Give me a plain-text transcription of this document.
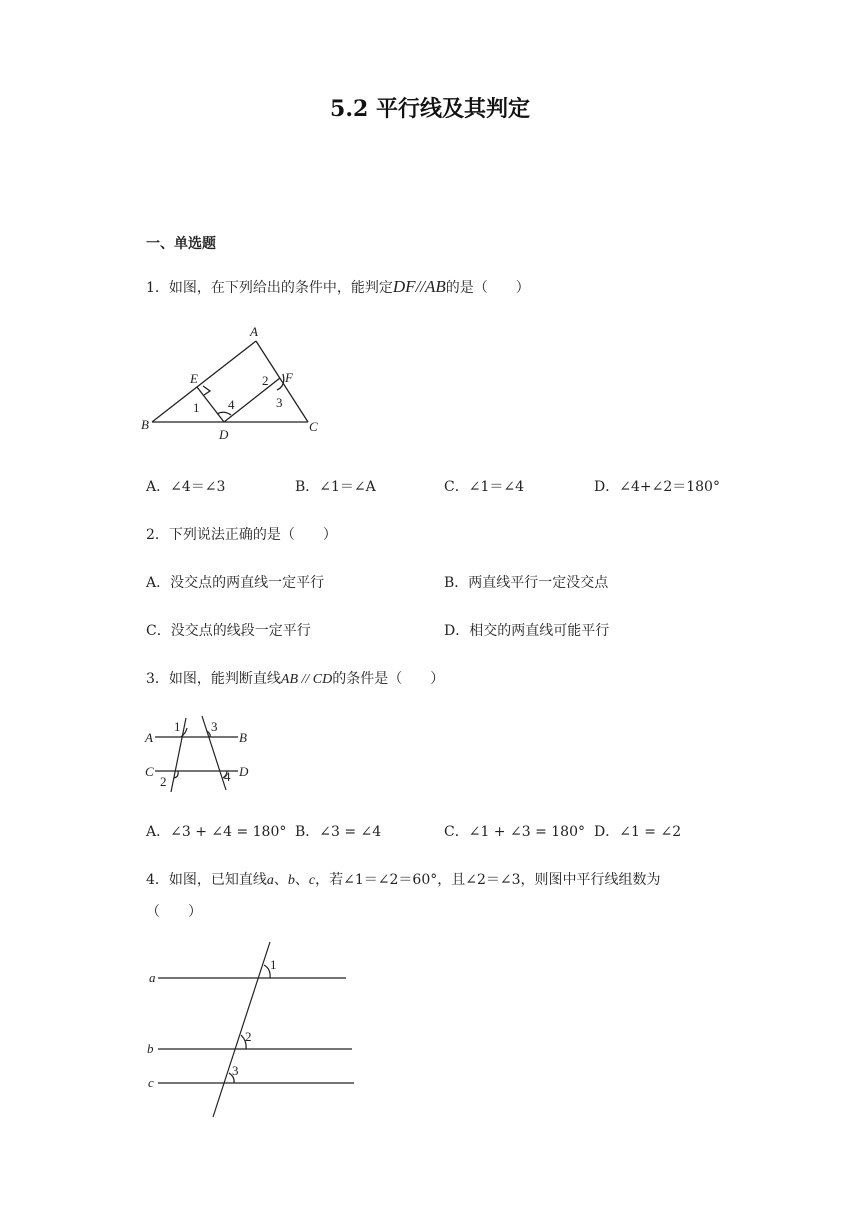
5.2 平行线及其判定
一、单选题
1．如图，在下列给出的条件中，能判定DF//AB的是（　　）
A
B	C
D
E	F
1
2
3
4
A．∠4＝∠3	B．∠1＝∠A	C．∠1＝∠4	D．∠4+∠2＝180°
2．下列说法正确的是（　　）
A．没交点的两直线一定平行	B．两直线平行一定没交点
C．没交点的线段一定平行	D．相交的两直线可能平行
3．如图，能判断直线AB // CD的条件是（　　）
A	B
C	D
1
2
3
4
A．∠3 + ∠4 = 180° B．∠3 = ∠4	C．∠1 + ∠3 = 180° D．∠1 = ∠2
4．如图，已知直线a、b、c，若∠1＝∠2＝60°，且∠2＝∠3，则图中平行线组数为
（　　）
a
b
c
1
2
3
